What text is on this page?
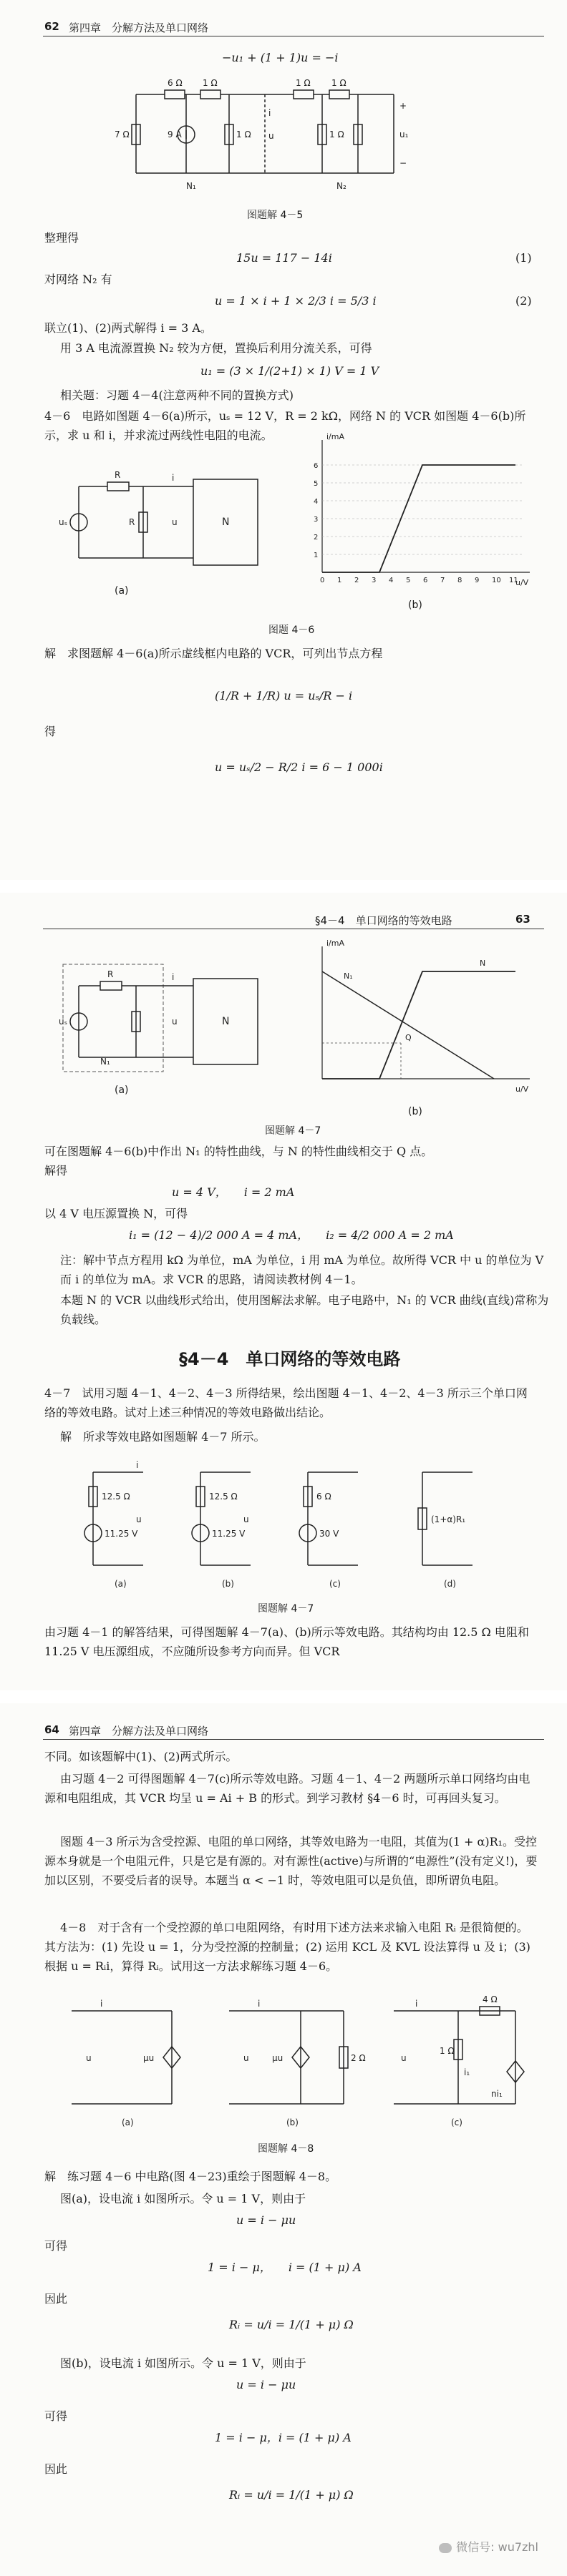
62 第四章　分解方法及单口网络
−u₁ + (1 + 1)u = −i
6 Ω 1 Ω	1 Ω 1 Ω
7 Ω	9 A	1 Ω
i
u	1 Ω	u₁
+
−
N₁	N₂
图题解 4－5
整理得
15u = 117 − 14i	(1)
对网络 N₂ 有
u = 1 × i + 1 × 2/3 i = 5/3 i	(2)
联立(1)、(2)两式解得 i = 3 A。
用 3 A 电流源置换 N₂ 较为方便，置换后利用分流关系，可得
u₁ = (3 × 1/(2+1) × 1) V = 1 V
相关题：习题 4－4(注意两种不同的置换方式)
4－6　电路如图题 4－6(a)所示，uₛ = 12 V，R = 2 kΩ，网络 N 的 VCR 如图题 4－6(b)所示，求 u 和 i，并求流过两线性电阻的电流。
uₛ
R
R
i
u	N
(a)
i/mA
u/V
0 1 2 3 4 5 6 7 8 9 10 11
1
2
3
4
5
6
(b)
图题 4－6
解　求图题解 4－6(a)所示虚线框内电路的 VCR，可列出节点方程
(1/R + 1/R) u = uₛ/R − i
得
u = uₛ/2 − R/2 i = 6 − 1 000i
§4－4　单口网络的等效电路	63
uₛ
R	i
u
N₁
N
(a)
i/mA
u/V
N
N₁
Q
(b)
图题解 4－7
可在图题解 4－6(b)中作出 N₁ 的特性曲线，与 N 的特性曲线相交于 Q 点。
解得
u = 4 V，　　i = 2 mA
以 4 V 电压源置换 N，可得
i₁ = (12 − 4)/2 000 A = 4 mA，　　i₂ = 4/2 000 A = 2 mA
注：解中节点方程用 kΩ 为单位，mA 为单位，i 用 mA 为单位。故所得 VCR 中 u 的单位为 V 而 i 的单位为 mA。求 VCR 的思路，请阅读教材例 4－1。
本题 N 的 VCR 以曲线形式给出，使用图解法求解。电子电路中，N₁ 的 VCR 曲线(直线)常称为负载线。
§4－4　单口网络的等效电路
4－7　试用习题 4－1、4－2、4－3 所得结果，绘出图题 4－1、4－2、4－3 所示三个单口网络的等效电路。试对上述三种情况的等效电路做出结论。
解　所求等效电路如图题解 4－7 所示。
12.5 Ω
11.25 V
i
u
12.5 Ω
11.25 V
u
6 Ω
30 V
(1+α)R₁
(a)	(b)	(c)	(d)
图题解 4－7
由习题 4－1 的解答结果，可得图题解 4－7(a)、(b)所示等效电路。其结构均由 12.5 Ω 电阻和 11.25 V 电压源组成，不应随所设参考方向而异。但 VCR
64 第四章　分解方法及单口网络
不同。如该题解中(1)、(2)两式所示。
由习题 4－2 可得图题解 4－7(c)所示等效电路。习题 4－1、4－2 两题所示单口网络均由电源和电阻组成，其 VCR 均呈 u = Ai + B 的形式。到学习教材 §4－6 时，可再回头复习。
图题 4－3 所示为含受控源、电阻的单口网络，其等效电路为一电阻，其值为(1 + α)R₁。受控源本身就是一个电阻元件，只是它是有源的。对有源性(active)与所谓的“电源性”(没有定义!)，要加以区别，不要受后者的误导。本题当 α < −1 时，等效电阻可以是负值，即所谓负电阻。
4－8　对于含有一个受控源的单口电阻网络，有时用下述方法来求输入电阻 Rᵢ 是很简便的。其方法为：(1) 先设 u = 1，分为受控源的控制量；(2) 运用 KCL 及 KVL 设法算得 u 及 i；(3) 根据 u = Rᵢi，算得 Rᵢ。试用这一方法求解练习题 4－6。
i
u	μu
i
u	μu	2 Ω
i
u
1 Ω
4 Ω
i₁
ni₁
(a)	(b)	(c)
图题解 4－8
解　练习题 4－6 中电路(图 4－23)重绘于图题解 4－8。
图(a)，设电流 i 如图所示。令 u = 1 V，则由于
u = i − μu
可得
1 = i − μ，　　i = (1 + μ) A
因此
Rᵢ = u/i = 1/(1 + μ) Ω
图(b)，设电流 i 如图所示。令 u = 1 V，则由于
u = i − μu
可得
1 = i − μ，i = (1 + μ) A
因此
Rᵢ = u/i = 1/(1 + μ) Ω
微信号: wu7zhl
